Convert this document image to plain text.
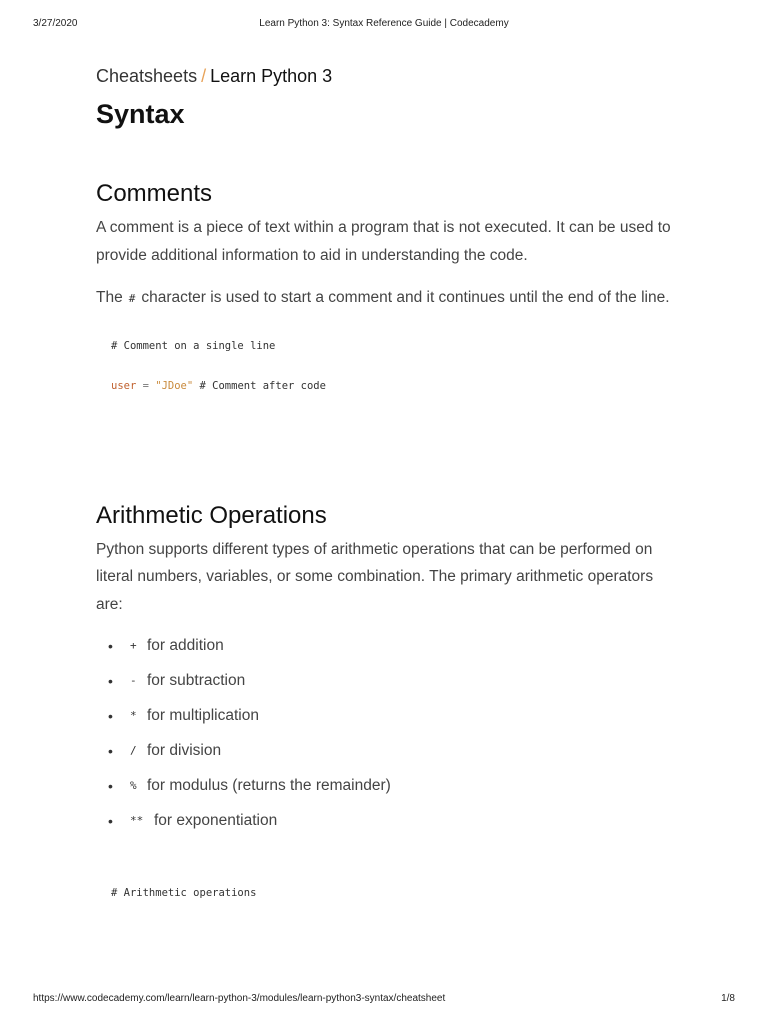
3/27/2020	Learn Python 3: Syntax Reference Guide | Codecademy
Cheatsheets / Learn Python 3
Syntax
Comments

A comment is a piece of text within a program that is not executed. It can be used to provide additional information to aid in understanding the code.

The # character is used to start a comment and it continues until the end of the line.

# Comment on a single line
user = "JDoe" # Comment after code
Arithmetic Operations

Python supports different types of arithmetic operations that can be performed on literal numbers, variables, or some combination. The primary arithmetic operators are:

• + for addition
• - for subtraction
• * for multiplication
• / for division
• % for modulus (returns the remainder)
• ** for exponentiation
# Arithmetic operations
https://www.codecademy.com/learn/learn-python-3/modules/learn-python3-syntax/cheatsheet	1/8
